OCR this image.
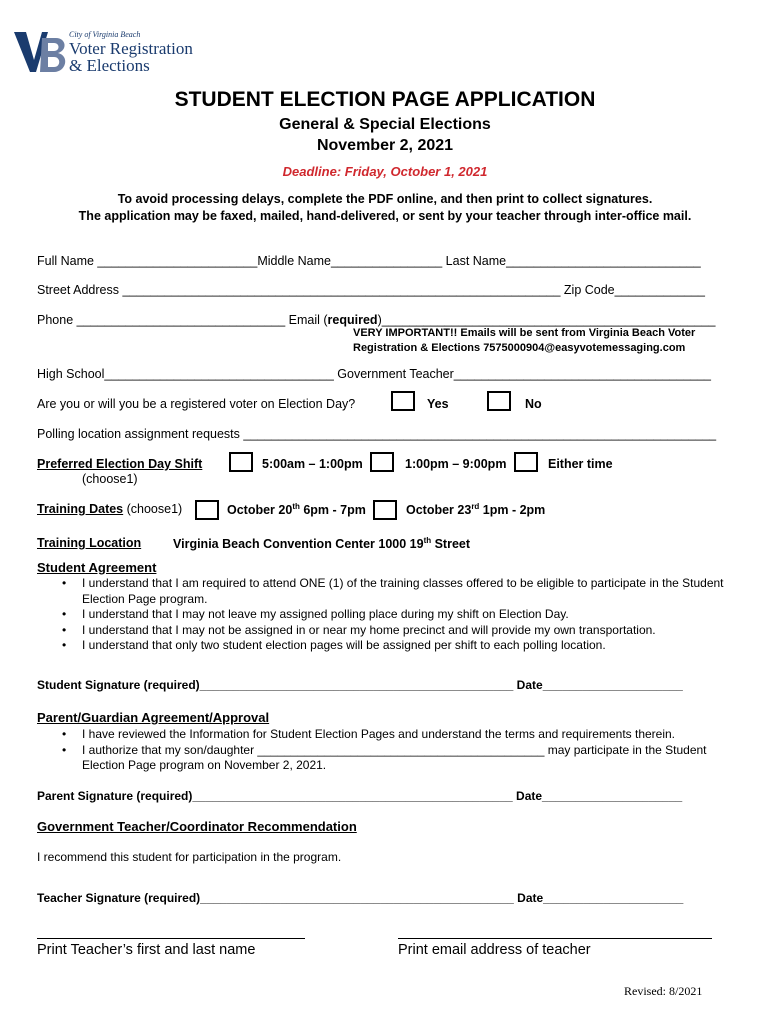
City of Virginia Beach
Voter Registration
& Elections
STUDENT ELECTION PAGE APPLICATION
General & Special Elections
November 2, 2021
Deadline: Friday, October 1, 2021
To avoid processing delays, complete the PDF online, and then print to collect signatures.
The application may be faxed, mailed, hand-delivered, or sent by your teacher through inter-office mail.
Full Name _______________________Middle Name________________ Last Name____________________________
Street Address _______________________________________________________________ Zip Code_____________
Phone ______________________________ Email (required)________________________________________________
VERY IMPORTANT!! Emails will be sent from Virginia Beach Voter
Registration & Elections 7575000904@easyvotemessaging.com
High School_________________________________ Government Teacher_____________________________________
Are you or will you be a registered voter on Election Day?	Yes	No
Polling location assignment requests ____________________________________________________________________
Preferred Election Day Shift
(choose1)
5:00am – 1:00pm	1:00pm – 9:00pm	Either time
Training Dates (choose1)	October 20th 6pm - 7pm	October 23rd 1pm - 2pm
Training Location	Virginia Beach Convention Center 1000 19th Street
Student Agreement
• I understand that I am required to attend ONE (1) of the training classes offered to be eligible to participate in the Student Election Page program.
• I understand that I may not leave my assigned polling place during my shift on Election Day.
• I understand that I may not be assigned in or near my home precinct and will provide my own transportation.
• I understand that only two student election pages will be assigned per shift to each polling location.
Student Signature (required)_______________________________________________ Date_____________________
Parent/Guardian Agreement/Approval
• I have reviewed the Information for Student Election Pages and understand the terms and requirements therein.
• I authorize that my son/daughter ___________________________________________ may participate in the Student Election Page program on November 2, 2021.
Parent Signature (required)________________________________________________ Date_____________________
Government Teacher/Coordinator Recommendation
I recommend this student for participation in the program.
Teacher Signature (required)_______________________________________________ Date_____________________
Print Teacher’s first and last name	Print email address of teacher
Revised: 8/2021
